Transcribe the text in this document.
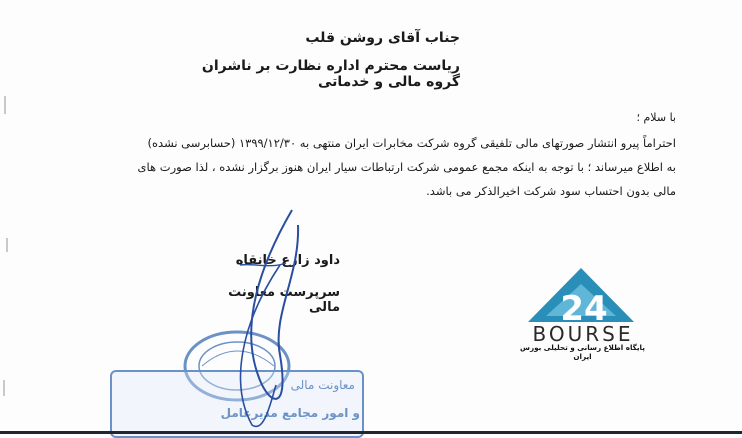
جناب آقای روشن قلب
ریاست محترم اداره نظارت بر ناشران گروه مالی و خدماتی
با سلام ؛
احتراماً پیرو انتشار صورتهای مالی تلفیقی گروه شرکت مخابرات ایران منتهی به ۱۳۹۹/۱۲/۳۰ (حسابرسی نشده)
به اطلاع میرساند ؛ با توجه به اینکه مجمع عمومی شرکت ارتباطات سیار ایران هنوز برگزار نشده ، لذا صورت های
مالی بدون احتساب سود شرکت اخیرالذکر می باشد.
داود زارع خانقاه
سرپرست معاونت مالی
معاونت مالی
و امور مجامع مدیرعامل
24
BOURSE
پایگاه اطلاع رسانی و تحلیلی بورس ایران
